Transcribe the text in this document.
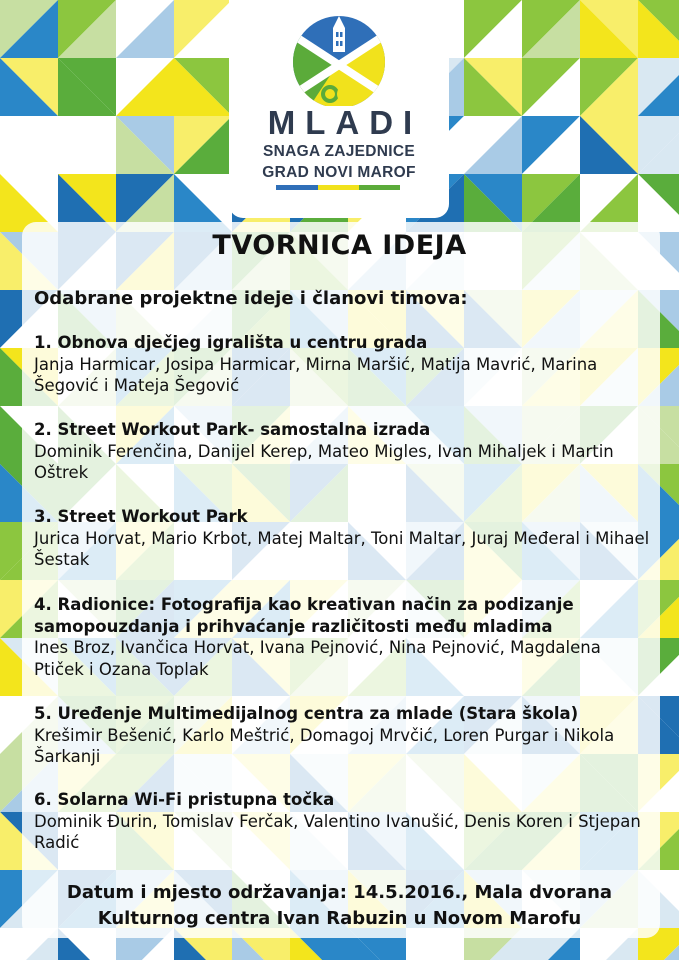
MLADI
SNAGA ZAJEDNICE
GRAD NOVI MAROF
TVORNICA IDEJA
Odabrane projektne ideje i članovi timova:
1. Obnova dječjeg igrališta u centru grada
Janja Harmicar, Josipa Harmicar, Mirna Maršić, Matija Mavrić, Marina Šegović i Mateja Šegović
2. Street Workout Park- samostalna izrada
Dominik Ferenčina, Danijel Kerep, Mateo Migles, Ivan Mihaljek i Martin Oštrek
3. Street Workout Park
Jurica Horvat, Mario Krbot, Matej Maltar, Toni Maltar, Juraj Međeral i Mihael Šestak
4. Radionice: Fotografija kao kreativan način za podizanje samopouzdanja i prihvaćanje različitosti među mladima
Ines Broz, Ivančica Horvat, Ivana Pejnović, Nina Pejnović, Magdalena Ptiček i Ozana Toplak
5. Uređenje Multimedijalnog centra za mlade (Stara škola)
Krešimir Bešenić, Karlo Meštrić, Domagoj Mrvčić, Loren Purgar i Nikola Šarkanji
6. Solarna Wi-Fi pristupna točka
Dominik Đurin, Tomislav Ferčak, Valentino Ivanušić, Denis Koren i Stjepan Radić
Datum i mjesto održavanja: 14.5.2016., Mala dvorana
Kulturnog centra Ivan Rabuzin u Novom Marofu
